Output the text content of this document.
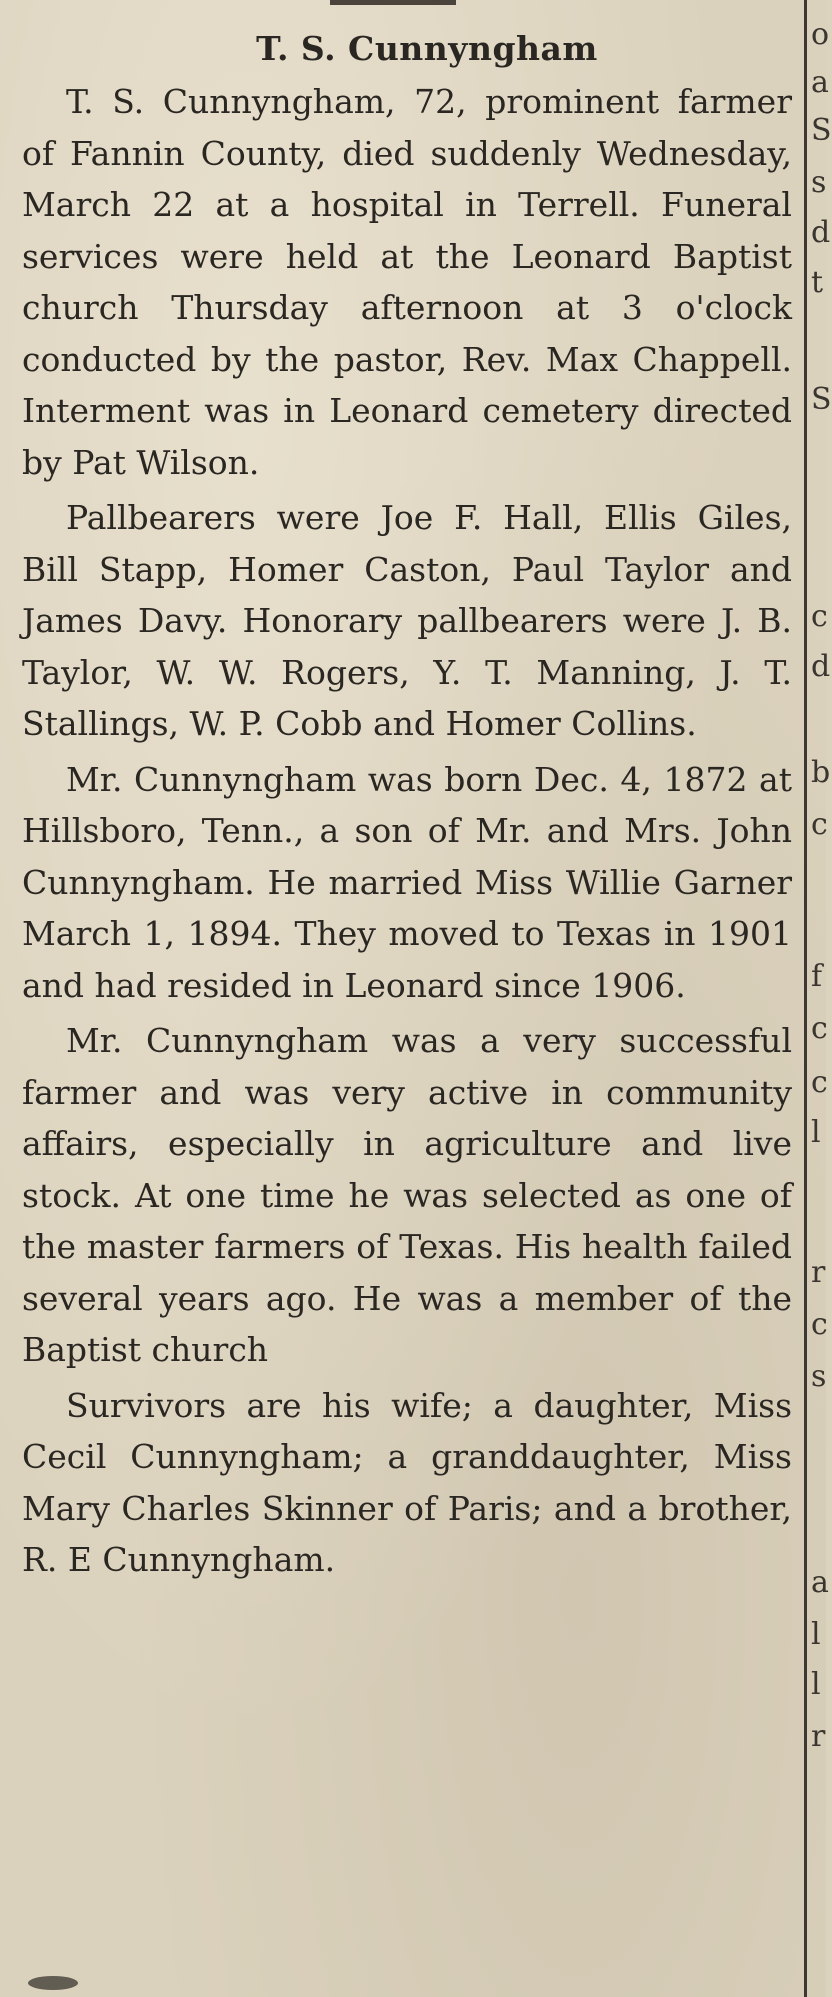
T. S. Cunnyngham

T. S. Cunnyngham, 72, prominent farmer of Fannin County, died suddenly Wednesday, March 22 at a hospital in Terrell. Funeral services were held at the Leonard Baptist church Thursday afternoon at 3 o'clock conducted by the pastor, Rev. Max Chappell. Interment was in Leonard cemetery directed by Pat Wilson.

Pallbearers were Joe F. Hall, Ellis Giles, Bill Stapp, Homer Caston, Paul Taylor and James Davy. Honorary pallbearers were J. B. Taylor, W. W. Rogers, Y. T. Manning, J. T. Stallings, W. P. Cobb and Homer Collins.

Mr. Cunnyngham was born Dec. 4, 1872 at Hillsboro, Tenn., a son of Mr. and Mrs. John Cunnyngham. He married Miss Willie Garner March 1, 1894. They moved to Texas in 1901 and had resided in Leonard since 1906.

Mr. Cunnyngham was a very successful farmer and was very active in community affairs, especially in agriculture and live stock. At one time he was selected as one of the master farmers of Texas. His health failed several years ago. He was a member of the Baptist church

Survivors are his wife; a daughter, Miss Cecil Cunnyngham; a granddaughter, Miss Mary Charles Skinner of Paris; and a brother, R. E Cunnyngham.

o
a
S
s
d
t
S
c
d
b
c
f
c
c
l
r
c
s
a
l
l
r
